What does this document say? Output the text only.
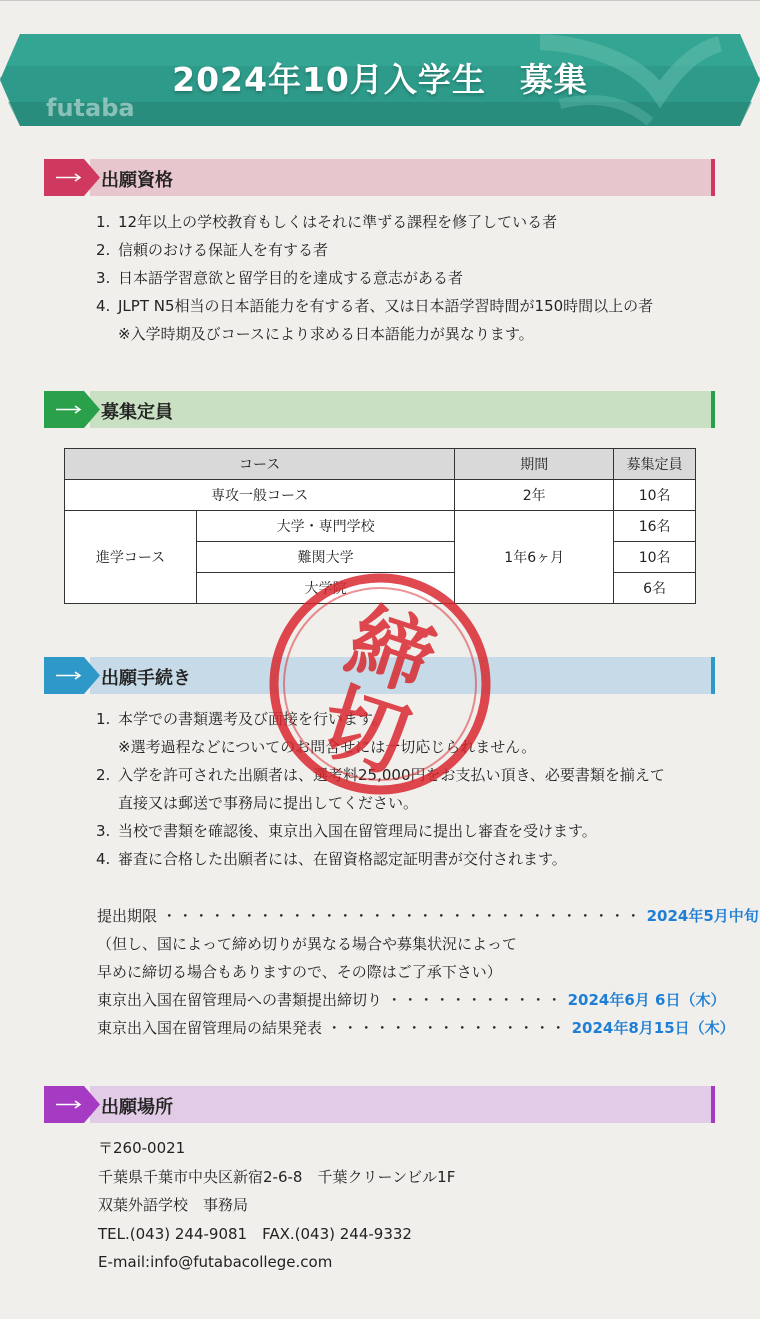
2024年10月入学生　募集
futaba
出願資格
1. 12年以上の学校教育もしくはそれに準ずる課程を修了している者
2. 信頼のおける保証人を有する者
3. 日本語学習意欲と留学目的を達成する意志がある者
4. JLPT N5相当の日本語能力を有する者、又は日本語学習時間が150時間以上の者
※入学時期及びコースにより求める日本語能力が異なります。
募集定員
コース		期間	募集定員
専攻一般コース		2年	10名
進学コース	大学・専門学校	1年6ヶ月	16名
	難関大学		10名
	大学院		6名
出願手続き
1. 本学での書類選考及び面接を行います。
※選考過程などについてのお問合せには一切応じられません。
2. 入学を許可された出願者は、選考料25,000円をお支払い頂き、必要書類を揃えて
直接又は郵送で事務局に提出してください。
3. 当校で書類を確認後、東京出入国在留管理局に提出し審査を受けます。
4. 審査に合格した出願者には、在留資格認定証明書が交付されます。
提出期限 ・・・・・・・・・・・・・・・・・・・・・・・・・・・・・・ 2024年5月中旬
（但し、国によって締め切りが異なる場合や募集状況によって
早めに締切る場合もありますので、その際はご了承下さい）
東京出入国在留管理局への書類提出締切り ・・・・・・・・・・・ 2024年6月 6日（木）
東京出入国在留管理局の結果発表 ・・・・・・・・・・・・・・・ 2024年8月15日（木）
出願場所
〒260-0021
千葉県千葉市中央区新宿2-6-8　千葉クリーンビル1F
双葉外語学校　事務局
TEL.(043) 244-9081　FAX.(043) 244-9332
E-mail:info@futabacollege.com
締
切
